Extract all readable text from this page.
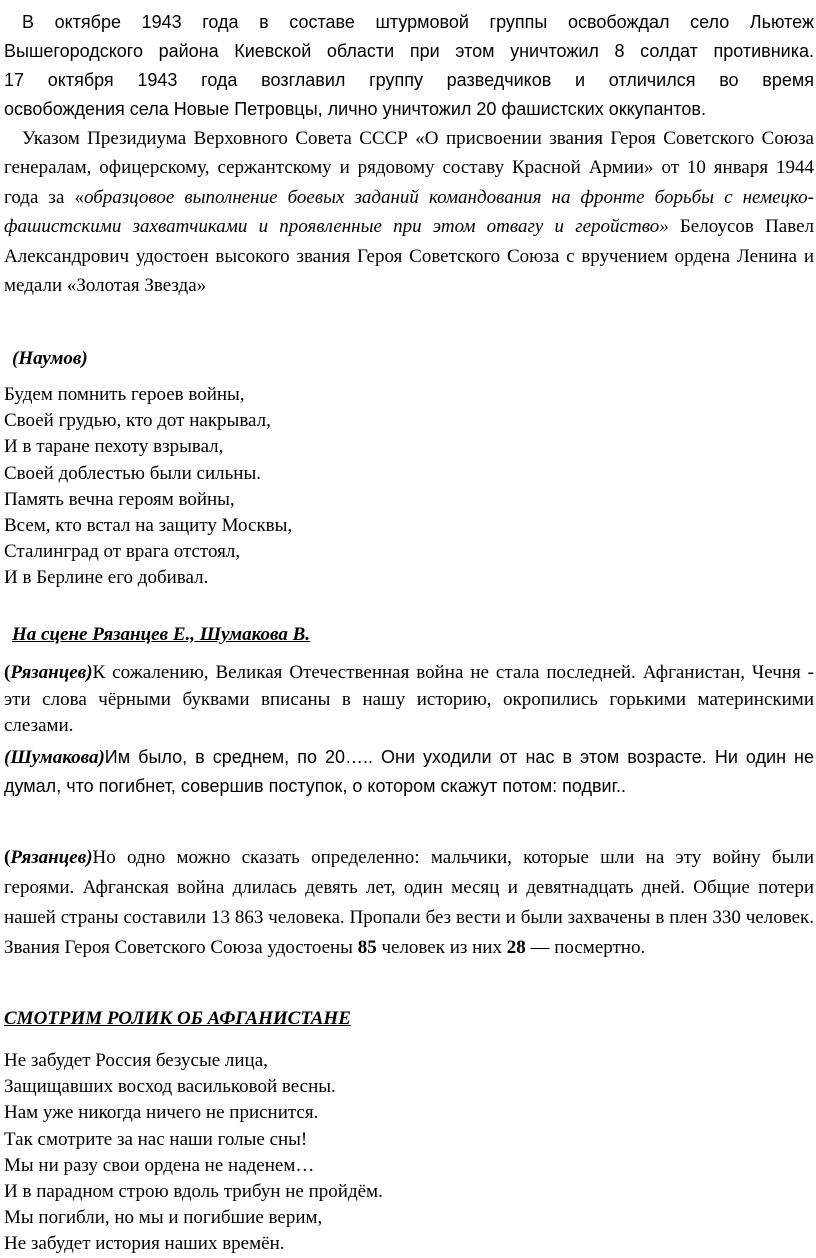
В октябре 1943 года в составе штурмовой группы освобождал село Льютеж
Вышегородского района Киевской области при этом уничтожил 8 солдат противника.
17 октября 1943 года возглавил группу разведчиков и отличился во время
освобождения села Новые Петровцы, лично уничтожил 20 фашистских оккупантов.

Указом Президиума Верховного Совета СССР «О присвоении звания Героя Советского Союза генералам, офицерскому, сержантскому и рядовому составу Красной Армии» от 10 января 1944 года за «образцовое выполнение боевых заданий командования на фронте борьбы с немецко-фашистскими захватчиками и проявленные при этом отвагу и геройство» Белоусов Павел Александрович удостоен высокого звания Героя Советского Союза с вручением ордена Ленина и медали «Золотая Звезда»

(Наумов)

Будем помнить героев войны,
Своей грудью, кто дот накрывал,
И в таране пехоту взрывал,
Своей доблестью были сильны.
Память вечна героям войны,
Всем, кто встал на защиту Москвы,
Сталинград от врага отстоял,
И в Берлине его добивал.

На сцене Рязанцев Е., Шумакова В.

(Рязанцев)К сожалению, Великая Отечественная война не стала последней. Афганистан, Чечня - эти слова чёрными буквами вписаны в нашу историю, окропились горькими материнскими слезами.

(Шумакова)Им было, в среднем, по 20….. Они уходили от нас в этом возрасте. Ни один не думал, что погибнет, совершив поступок, о котором скажут потом: подвиг..

(Рязанцев)Но одно можно сказать определенно: мальчики, которые шли на эту войну были героями. Афганская война длилась девять лет, один месяц и девятнадцать дней. Общие потери нашей страны составили 13 863 человека. Пропали без вести и были захвачены в плен 330 человек. Звания Героя Советского Союза удостоены 85 человек из них 28 — посмертно.

СМОТРИМ РОЛИК ОБ АФГАНИСТАНЕ

Не забудет Россия безусые лица,
Защищавших восход васильковой весны.
Нам уже никогда ничего не приснится.
Так смотрите за нас наши голые сны!
Мы ни разу свои ордена не наденем…
И в парадном строю вдоль трибун не пройдём.
Мы погибли, но мы и погибшие верим,
Не забудет история наших времён.
